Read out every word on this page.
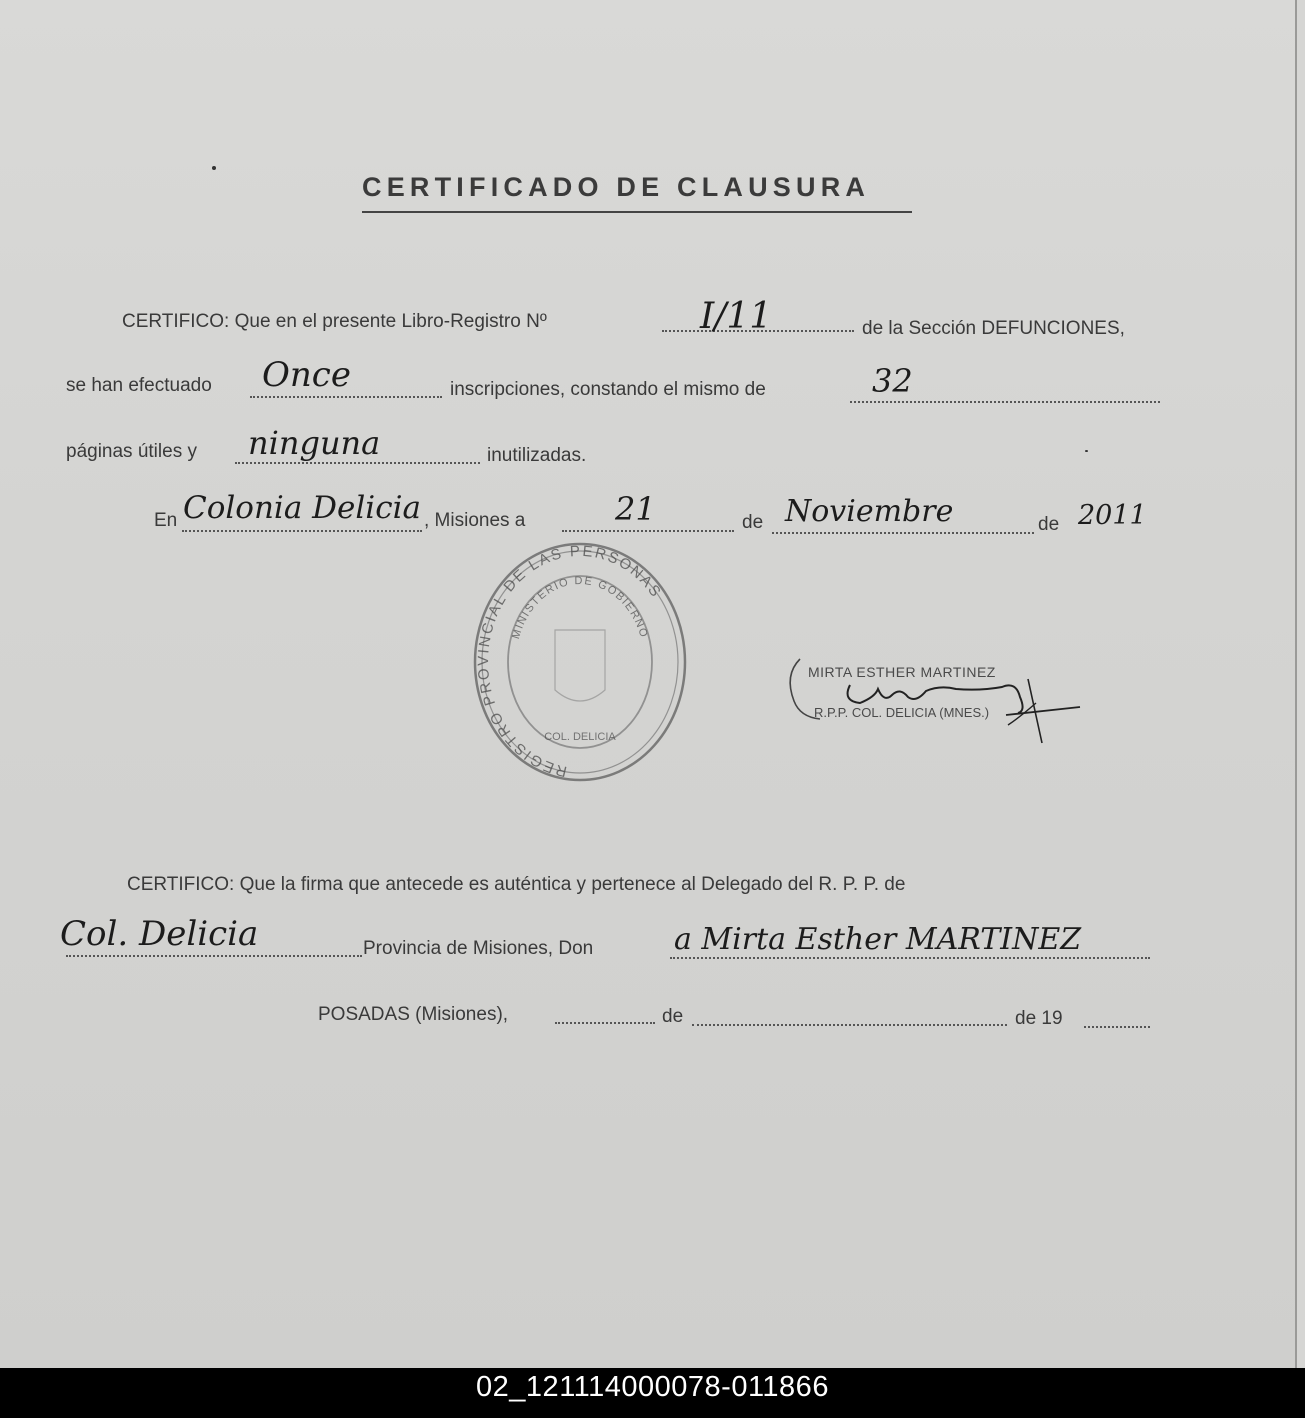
CERTIFICADO DE CLAUSURA
CERTIFICO: Que en el presente Libro-Registro Nº	I/11	de la Sección DEFUNCIONES,
se han efectuado Once	inscripciones, constando el mismo de	32
páginas útiles y ninguna	inutilizadas.
En Colonia Delicia , Misiones a	21	de Noviembre	de 2011
REGISTRO PROVINCIAL DE LAS PERSONAS
MINISTERIO DE GOBIERNO
COL. DELICIA
MIRTA ESTHER MARTINEZ
R.P.P. COL. DELICIA (MNES.)
CERTIFICO: Que la firma que antecede es auténtica y pertenece al Delegado del R. P. P. de
Col. Delicia	Provincia de Misiones, Don	a Mirta Esther MARTINEZ
POSADAS (Misiones),	de	de 19
02_121114000078-011866
